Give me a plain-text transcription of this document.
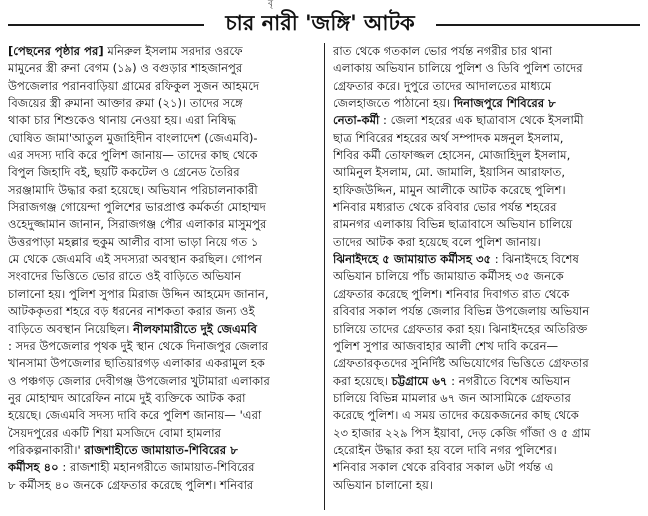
বৃ
চার নারী 'জঙ্গি' আটক
[পেছনের পৃষ্ঠার পর] মনিরুল ইসলাম সরদার ওরফে
মামুনের স্ত্রী রুনা বেগম (১৯) ও বগুড়ার শাহজানপুর
উপজেলার পরানবাড়িয়া গ্রামের রফিকুল সুজন আহমদে
বিজয়ের স্ত্রী রুমানা আক্তার রুমা (২১)। তাদের সঙ্গে
থাকা চার শিশুকেও থানায় নেওয়া হয়। এরা নিষিদ্ধ
ঘোষিত জামা'আতুল মুজাহিদীন বাংলাদেশ (জেএমবি)-
এর সদস্য দাবি করে পুলিশ জানায়— তাদের কাছ থেকে
বিপুল জিহাদি বই, ছয়টি ককটেল ও গ্রেনেড তৈরির
সরঞ্জামাদি উদ্ধার করা হয়েছে। অভিযান পরিচালনাকারী
সিরাজগঞ্জ গোয়েন্দা পুলিশের ভারপ্রাপ্ত কর্মকর্তা মোহাম্মদ
ওহেদুজ্জামান জানান, সিরাজগঞ্জ পৌর এলাকার মাসুমপুর
উত্তরপাড়া মহল্লার হুকুম আলীর বাসা ভাড়া নিয়ে গত ১
মে থেকে জেএমবি এই সদস্যরা অবস্থান করছিল। গোপন
সংবাদের ভিত্তিতে ভোর রাতে ওই বাড়িতে অভিযান
চালানো হয়। পুলিশ সুপার মিরাজ উদ্দিন আহমেদ জানান,
আটককৃতরা শহরে বড় ধরনের নাশকতা করার জন্য ওই
বাড়িতে অবস্থান নিয়েছিল। নীলফামারীতে দুই জেএমবি
: সদর উপজেলার পৃথক দুই স্থান থেকে দিনাজপুর জেলার
খানসামা উপজেলার ছাতিয়ারগড় এলাকার একরামুল হক
ও পঞ্চগড় জেলার দেবীগঞ্জ উপজেলার খুটামারা এলাকার
নুর মোহাম্মদ আরেফিন নামে দুই ব্যক্তিকে আটক করা
হয়েছে। জেএমবি সদস্য দাবি করে পুলিশ জানায়— 'এরা
সৈয়দপুরের একটি শিয়া মসজিদে বোমা হামলার
পরিকল্পনাকারী।' রাজশাহীতে জামায়াত-শিবিরের ৮
কর্মীসহ ৪০ : রাজশাহী মহানগরীতে জামায়াত-শিবিরের
৮ কর্মীসহ ৪০ জনকে গ্রেফতার করেছে পুলিশ। শনিবার
রাত থেকে গতকাল ভোর পর্যন্ত নগরীর চার থানা
এলাকায় অভিযান চালিয়ে পুলিশ ও ডিবি পুলিশ তাদের
গ্রেফতার করে। দুপুরে তাদের আদালতের মাধ্যমে
জেলহাজতে পাঠানো হয়। দিনাজপুরে শিবিরের ৮
নেতা-কর্মী : জেলা শহরের এক ছাত্রাবাস থেকে ইসলামী
ছাত্র শিবিরের শহরের অর্থ সম্পাদক মঙ্গনুল ইসলাম,
শিবির কর্মী তোফাজ্জল হোসেন, মোজাহিদুল ইসলাম,
আমিনুল ইসলাম, মো. জামালি, ইয়াসিন আরাফাত,
হাফিজউদ্দিন, মামুন আলীকে আটক করেছে পুলিশ।
শনিবার মধ্যরাত থেকে রবিবার ভোর পর্যন্ত শহরের
রামনগর এলাকায় বিভিন্ন ছাত্রাবাসে অভিযান চালিয়ে
তাদের আটক করা হয়েছে বলে পুলিশ জানায়।
ঝিনাইদহে ৫ জামায়াত কর্মীসহ ৩৫ : ঝিনাইদহে বিশেষ
অভিযান চালিয়ে পাঁচ জামায়াত কর্মীসহ ৩৫ জনকে
গ্রেফতার করেছে পুলিশ। শনিবার দিবাগত রাত থেকে
রবিবার সকাল পর্যন্ত জেলার বিভিন্ন উপজেলায় অভিযান
চালিয়ে তাদের গ্রেফতার করা হয়। ঝিনাইদহের অতিরিক্ত
পুলিশ সুপার আজবাহার আলী শেখ দাবি করেন—
গ্রেফতারকৃতদের সুনির্দিষ্ট অভিযোগের ভিত্তিতে গ্রেফতার
করা হয়েছে। চট্টগ্রামে ৬৭ : নগরীতে বিশেষ অভিযান
চালিয়ে বিভিন্ন মামলার ৬৭ জন আসামিকে গ্রেফতার
করেছে পুলিশ। এ সময় তাদের কয়েকজনের কাছ থেকে
২৩ হাজার ২২৯ পিস ইয়াবা, দেড় কেজি গাঁজা ও ৫ গ্রাম
হেরোইন উদ্ধার করা হয় বলে দাবি নগর পুলিশের।
শনিবার সকাল থেকে রবিবার সকাল ৬টা পর্যন্ত এ
অভিযান চালানো হয়।
